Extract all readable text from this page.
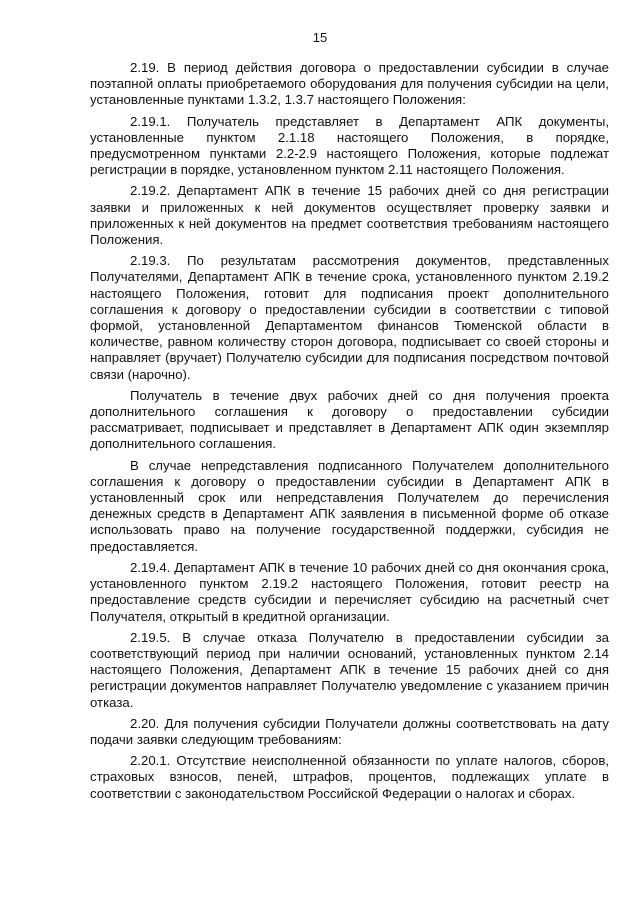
15

2.19. В период действия договора о предоставлении субсидии в случае поэтапной оплаты приобретаемого оборудования для получения субсидии на цели, установленные пунктами 1.3.2, 1.3.7 настоящего Положения:

2.19.1. Получатель представляет в Департамент АПК документы, установленные пунктом 2.1.18 настоящего Положения, в порядке, предусмотренном пунктами 2.2-2.9 настоящего Положения, которые подлежат регистрации в порядке, установленном пунктом 2.11 настоящего Положения.

2.19.2. Департамент АПК в течение 15 рабочих дней со дня регистрации заявки и приложенных к ней документов осуществляет проверку заявки и приложенных к ней документов на предмет соответствия требованиям настоящего Положения.

2.19.3. По результатам рассмотрения документов, представленных Получателями, Департамент АПК в течение срока, установленного пунктом 2.19.2 настоящего Положения, готовит для подписания проект дополнительного соглашения к договору о предоставлении субсидии в соответствии с типовой формой, установленной Департаментом финансов Тюменской области в количестве, равном количеству сторон договора, подписывает со своей стороны и направляет (вручает) Получателю субсидии для подписания посредством почтовой связи (нарочно).

Получатель в течение двух рабочих дней со дня получения проекта дополнительного соглашения к договору о предоставлении субсидии рассматривает, подписывает и представляет в Департамент АПК один экземпляр дополнительного соглашения.

В случае непредставления подписанного Получателем дополнительного соглашения к договору о предоставлении субсидии в Департамент АПК в установленный срок или непредставления Получателем до перечисления денежных средств в Департамент АПК заявления в письменной форме об отказе использовать право на получение государственной поддержки, субсидия не предоставляется.

2.19.4. Департамент АПК в течение 10 рабочих дней со дня окончания срока, установленного пунктом 2.19.2 настоящего Положения, готовит реестр на предоставление средств субсидии и перечисляет субсидию на расчетный счет Получателя, открытый в кредитной организации.

2.19.5. В случае отказа Получателю в предоставлении субсидии за соответствующий период при наличии оснований, установленных пунктом 2.14 настоящего Положения, Департамент АПК в течение 15 рабочих дней со дня регистрации документов направляет Получателю уведомление с указанием причин отказа.

2.20. Для получения субсидии Получатели должны соответствовать на дату подачи заявки следующим требованиям:

2.20.1. Отсутствие неисполненной обязанности по уплате налогов, сборов, страховых взносов, пеней, штрафов, процентов, подлежащих уплате в соответствии с законодательством Российской Федерации о налогах и сборах.
